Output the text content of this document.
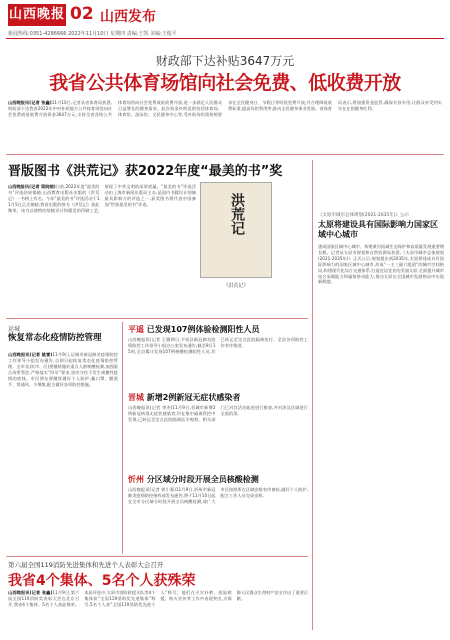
山西晚报 02 山西发布
新闻热线:0351-4286666 2022年11月10日 星期四 责编:王凯 美编:王俊平
财政部下达补贴3647万元
我省公共体育场馆向社会免费、低收费开放
山西晚报讯(记者 张鑫)11月10日,记者从省体育局获悉,财政部下达我省2022年中央补助地方公共体育场馆向社会免费或低收费开放资金3647万元,支持全省各级公共体育场馆向社会免费或低收费开放,进一步满足人民群众日益增长的健身需求。此次资金补助范围包括体育场、体育馆、游泳馆、全民健身中心等,受补助场馆需按照要求在全民健身日、节假日等时段免费开放,并合理降低收费标准,提高场馆利用率,推动全民健身事业发展。省体育局表示,将加强资金监管,确保专款专用,让群众享受到实实在在的健身红利。
晋版图书《洪荒记》获2022年度“最美的书”奖
山西晚报讯(记者 梁晓娟)日前,2022年度“最美的书”评选结果揭晓,山西教育出版社出版的《洪荒记》一书榜上有名。今年“最美的书”评选活动于11月5日正式揭晓,我省出版的图书《洪荒记》获此殊荣。该书以独特的装帧设计和精美的印刷工艺,展现了中华文明的深厚底蕴。“最美的书”评选活动由上海市新闻出版局主办,是国内书籍设计领域最具影响力的评选之一,获奖图书将代表中国参加“世界最美的书”评选。	洪荒记
《洪荒记》
《太原市城市总体规划(2021-2035年)》公示
太原将建设具有国际影响力国家区域中心城市
建成国家区域中心城市、构建黄河流域生态保护和高质量发展重要增长极。记者从太原市规划和自然资源局获悉,《太原市城市总体规划(2021-2035年)》正式公示,规划提出到2035年,太原将建成具有国际影响力的国家区域中心城市,形成“一主三副六组团”的城市空间格局,构建现代化综合交通体系,打造宜居宜业的美丽太原,全面提升城市综合承载能力和辐射带动能力,推动太原在全国城市发展格局中实现新跨越。
运城
恢复常态化疫情防控管理
山西晚报讯(记者 姚雷)11月9日,运城市新冠肺炎疫情防控工作领导小组发布通告,自即日起恢复常态化疫情防控管理。全市各县(市、区)要继续做好重点人群核酸检测,加强重点场所管控,严格落实“四早”要求,坚决守住不发生规模性疫情的底线。市民朋友要继续做好个人防护,戴口罩、勤洗手、常通风、少聚集,配合做好各项防控措施。
平遥 已发现107例体验检测阳性人员
山西晚报讯(记者 王娜)9日,平遥县新冠肺炎疫情防控工作领导小组办公室发布通告,截至9日15时,全县累计发现107例核酸检测阳性人员,均已转运至定点医院隔离治疗。全县各项防控工作有序推进。
晋城 新增2例新冠无症状感染者
山西晚报讯(记者 李杰)11月9日,晋城市新增2例新冠病毒无症状感染者,均在集中隔离管控中发现,已转运至定点医院隔离医学观察。相关部门已对其活动轨迹进行排查,并对涉及区域进行全面消杀。
忻州 分区域分时段开展全员核酸检测
山西晚报讯(记者 郭小强)11月9日,忻州市新冠肺炎疫情防控指挥部发布通告,将于11月10日起在全市分区域分时段开展全员核酸检测,请广大市民按照所在区域安排有序参检,做好个人防护,配合工作人员完成采样。
第六届全国119消防先进集体和先进个人表彰大会召开
我省4个集体、5名个人获殊荣
山西晚报讯(记者 张鑫)11月9日,第六届全国119消防奖表彰大会在北京召开,我省4个集体、5名个人获此殊荣。本届评选中,太原市消防救援支队等4个集体获“全国119消防奖先进集体”称号,5名个人获“全国119消防奖先进个人”称号。他们在火灾扑救、抢险救援、防火宣传等工作中表现突出,为保障人民群众生命财产安全作出了重要贡献。
